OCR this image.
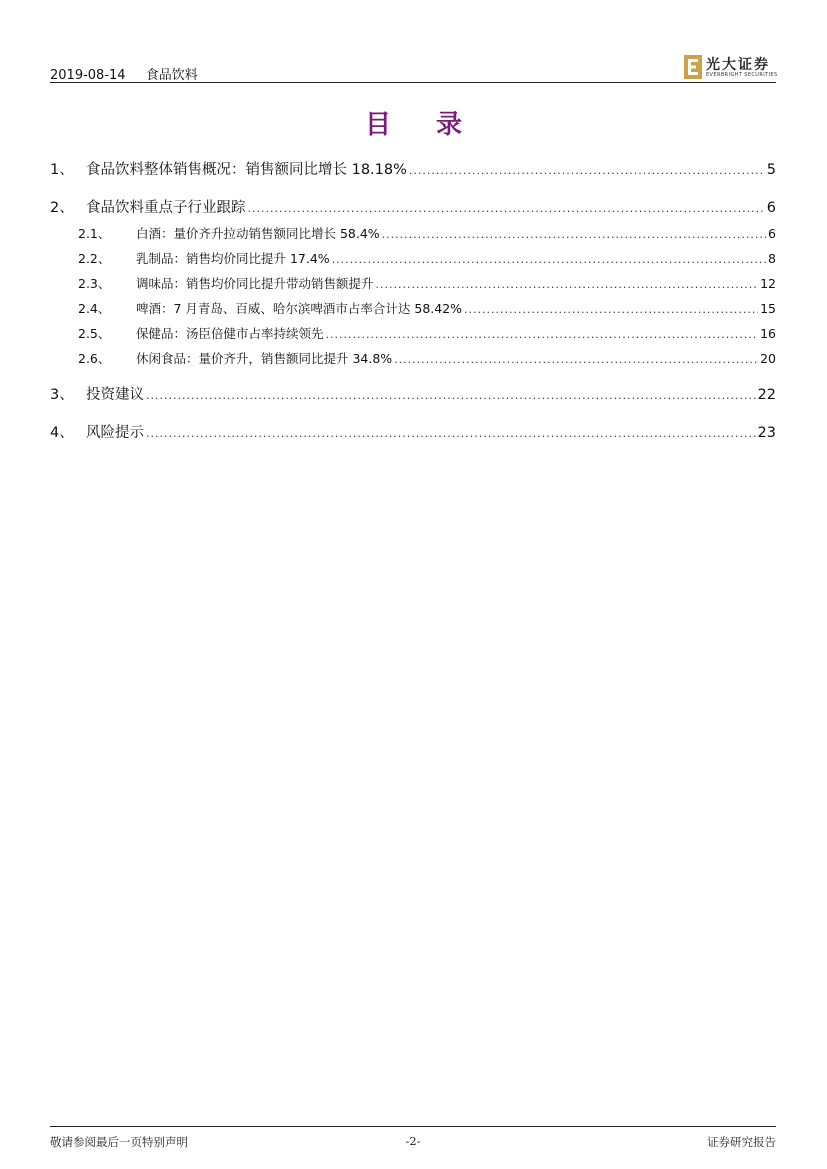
2019-08-14 食品饮料
光大证券
EVERBRIGHT SECURITIES
目 录
1、 食品饮料整体销售概况：销售额同比增长 18.18% .....	5
2、 食品饮料重点子行业跟踪 .....	6
2.1、	白酒：量价齐升拉动销售额同比增长 58.4% .....	6
2.2、	乳制品：销售均价同比提升 17.4% .....	8
2.3、	调味品：销售均价同比提升带动销售额提升 .....	12
2.4、	啤酒：7 月青岛、百威、哈尔滨啤酒市占率合计达 58.42% .....	15
2.5、	保健品：汤臣倍健市占率持续领先 .....	16
2.6、	休闲食品：量价齐升，销售额同比提升 34.8% .....	20
3、 投资建议 .....	22
4、 风险提示 .....	23
敬请参阅最后一页特别声明	-2-	证券研究报告
